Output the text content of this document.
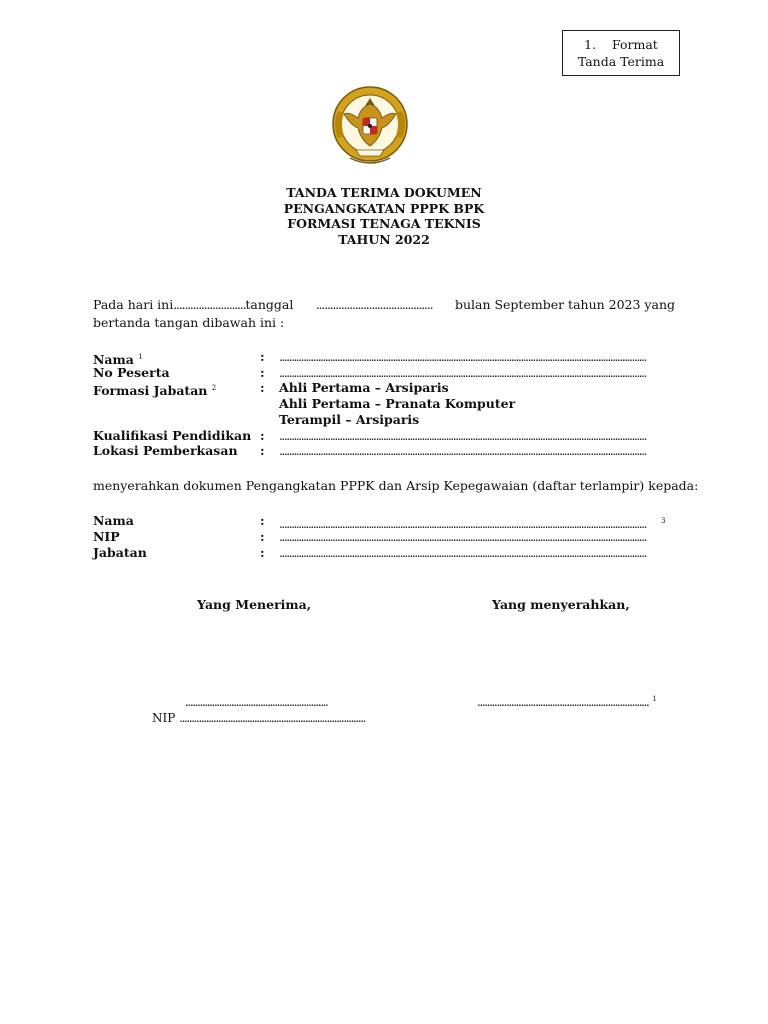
1. Format
Tanda Terima
TANDA TERIMA DOKUMEN
PENGANGKATAN PPPK BPK
FORMASI TENAGA TEKNIS
TAHUN 2022
Pada hari ini..........................tanggal .......................................... bulan September tahun 2023 yang
bertanda tangan dibawah ini :
Nama $^1$	: ........................................................................................................................................................
No Peserta	: ........................................................................................................................................................
Formasi Jabatan $^2$	: Ahli Pertama – Arsiparis
Ahli Pertama – Pranata Komputer
Terampil – Arsiparis
Kualifikasi Pendidikan : ........................................................................................................................................................
Lokasi Pemberkasan : ........................................................................................................................................................
menyerahkan dokumen Pengangkatan PPPK dan Arsip Kepegawaian (daftar terlampir) kepada:
Nama	: ........................................................................................................................................................ $^3$
NIP	: ........................................................................................................................................................
Jabatan	: ........................................................................................................................................................
Yang Menerima,	Yang menyerahkan,
...........................................................	....................................................................... $^1$
NIP .............................................................................
